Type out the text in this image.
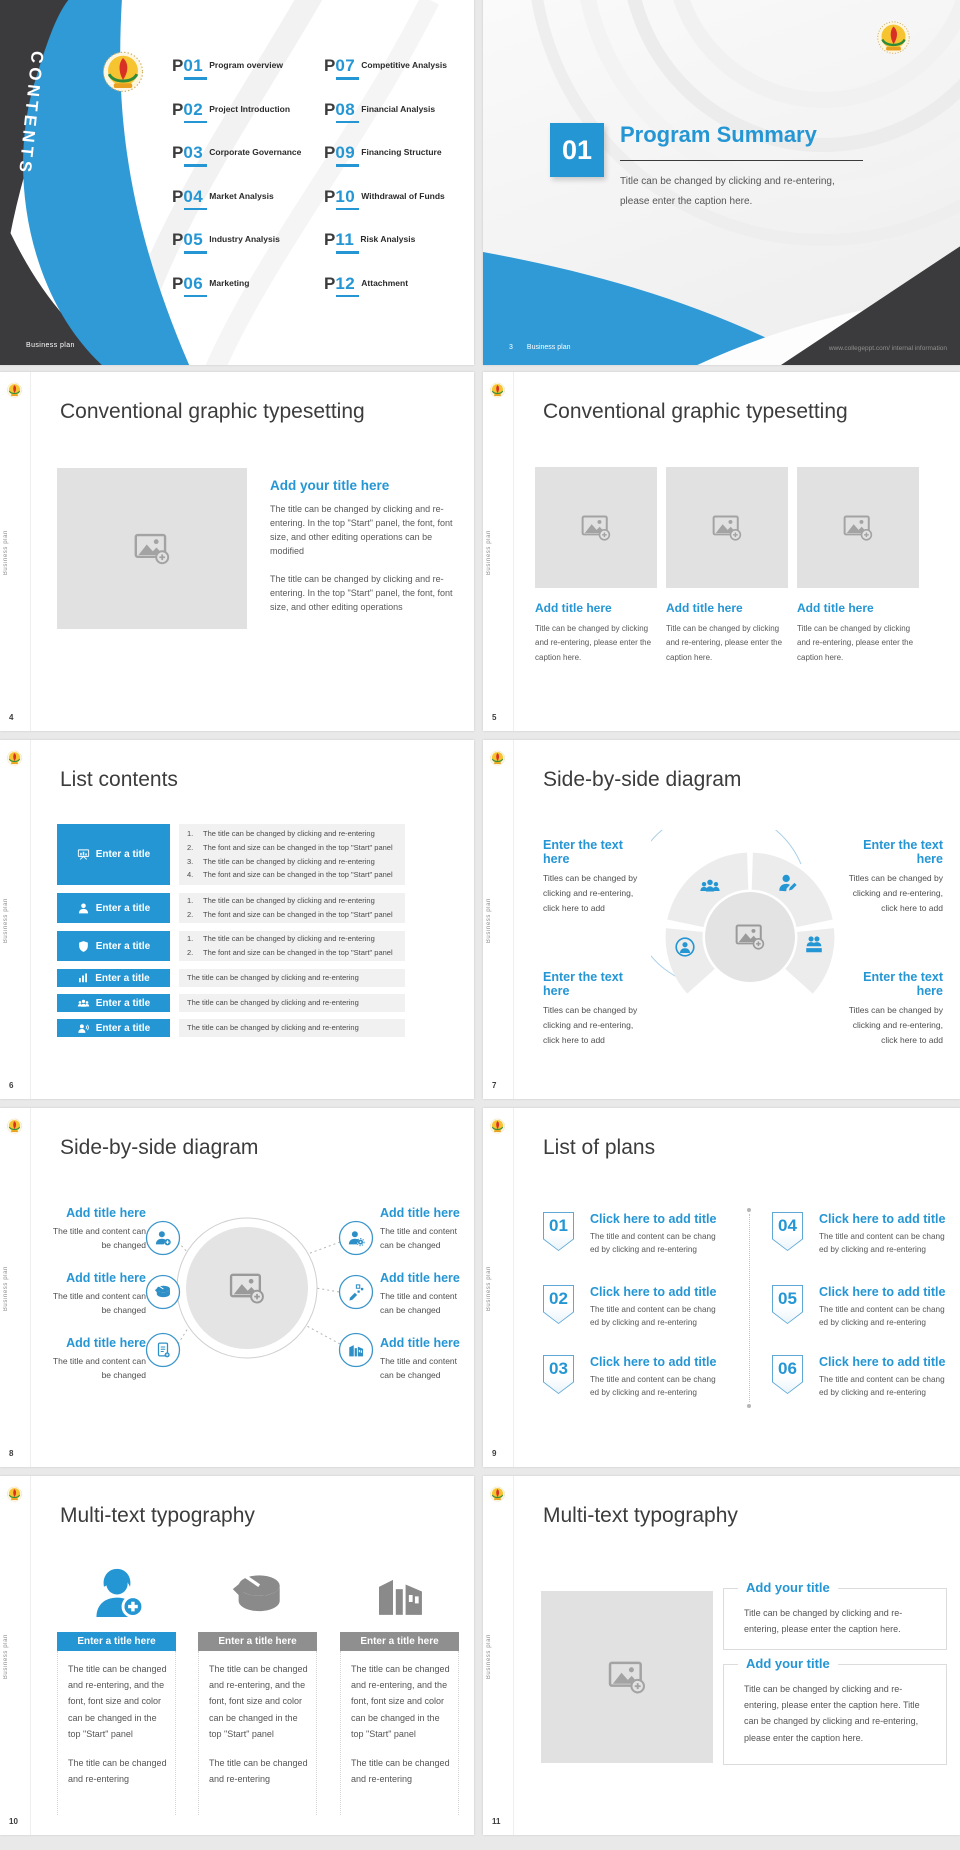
CONTENTS	P01 Program overview
P02 Project Introduction
P03 Corporate Governance
P04 Market Analysis
P05 Industry Analysis
P06 Marketing
P07 Competitive Analysis
P08 Financial Analysis
P09 Financing Structure
P10 Withdrawal of Funds
P11 Risk Analysis
P12 Attachment
Business plan
01	Program Summary
Title can be changed by clicking and re-entering, please enter the caption here.
3 Business plan	www.collegeppt.com/ internal information
Business plan
4
Conventional graphic typesetting
Add your title here

The title can be changed by clicking and re-entering. In the top "Start" panel, the font, font size, and other editing operations can be modified

The title can be changed by clicking and re-entering. In the top "Start" panel, the font, font size, and other editing operations

Business plan
5
Conventional graphic typesetting
Add title here

Title can be changed by clicking and re-entering, please enter the caption here.

Add title here

Title can be changed by clicking and re-entering, please enter the caption here.

Add title here

Title can be changed by clicking and re-entering, please enter the caption here.

Business plan
6
List contents
Enter a title
The title can be changed by clicking and re-entering
The font and size can be changed in the top "Start" panel
The title can be changed by clicking and re-entering
The font and size can be changed in the top "Start" panel
Enter a title
The title can be changed by clicking and re-entering
The font and size can be changed in the top "Start" panel
Enter a title
The title can be changed by clicking and re-entering
The font and size can be changed in the top "Start" panel
Enter a title	The title can be changed by clicking and re-entering
Enter a title	The title can be changed by clicking and re-entering
Enter a title	The title can be changed by clicking and re-entering
Business plan
7
Side-by-side diagram
Enter the text here
Titles can be changed by clicking and re-entering, click here to add
Enter the text here
Titles can be changed by clicking and re-entering, click here to add
Enter the text here
Titles can be changed by clicking and re-entering, click here to add
Enter the text here
Titles can be changed by clicking and re-entering, click here to add
Business plan
8
Side-by-side diagram
Add title here
The title and content can be changed
Add title here
The title and content can be changed
Add title here
The title and content can be changed
Add title here
The title and content can be changed
Add title here
The title and content can be changed
Add title here
The title and content can be changed
Business plan
9
List of plans
01	Click here to add title
The title and content can be chang
ed by clicking and re-entering
02	Click here to add title
The title and content can be chang
ed by clicking and re-entering
03	Click here to add title
The title and content can be chang
ed by clicking and re-entering
04	Click here to add title
The title and content can be chang
ed by clicking and re-entering
05	Click here to add title
The title and content can be chang
ed by clicking and re-entering
06	Click here to add title
The title and content can be chang
ed by clicking and re-entering
Business plan
10
Multi-text typography
Enter a title here

The title can be changed and re-entering, and the font, font size and color can be changed in the top "Start" panel

The title can be changed and re-entering

Enter a title here

The title can be changed and re-entering, and the font, font size and color can be changed in the top "Start" panel

The title can be changed and re-entering

Enter a title here

The title can be changed and re-entering, and the font, font size and color can be changed in the top "Start" panel

The title can be changed and re-entering

Business plan
11
Multi-text typography
Add your title
Title can be changed by clicking and re-entering, please enter the caption here.
Add your title
Title can be changed by clicking and re-entering, please enter the caption here. Title can be changed by clicking and re-entering, please enter the caption here.
